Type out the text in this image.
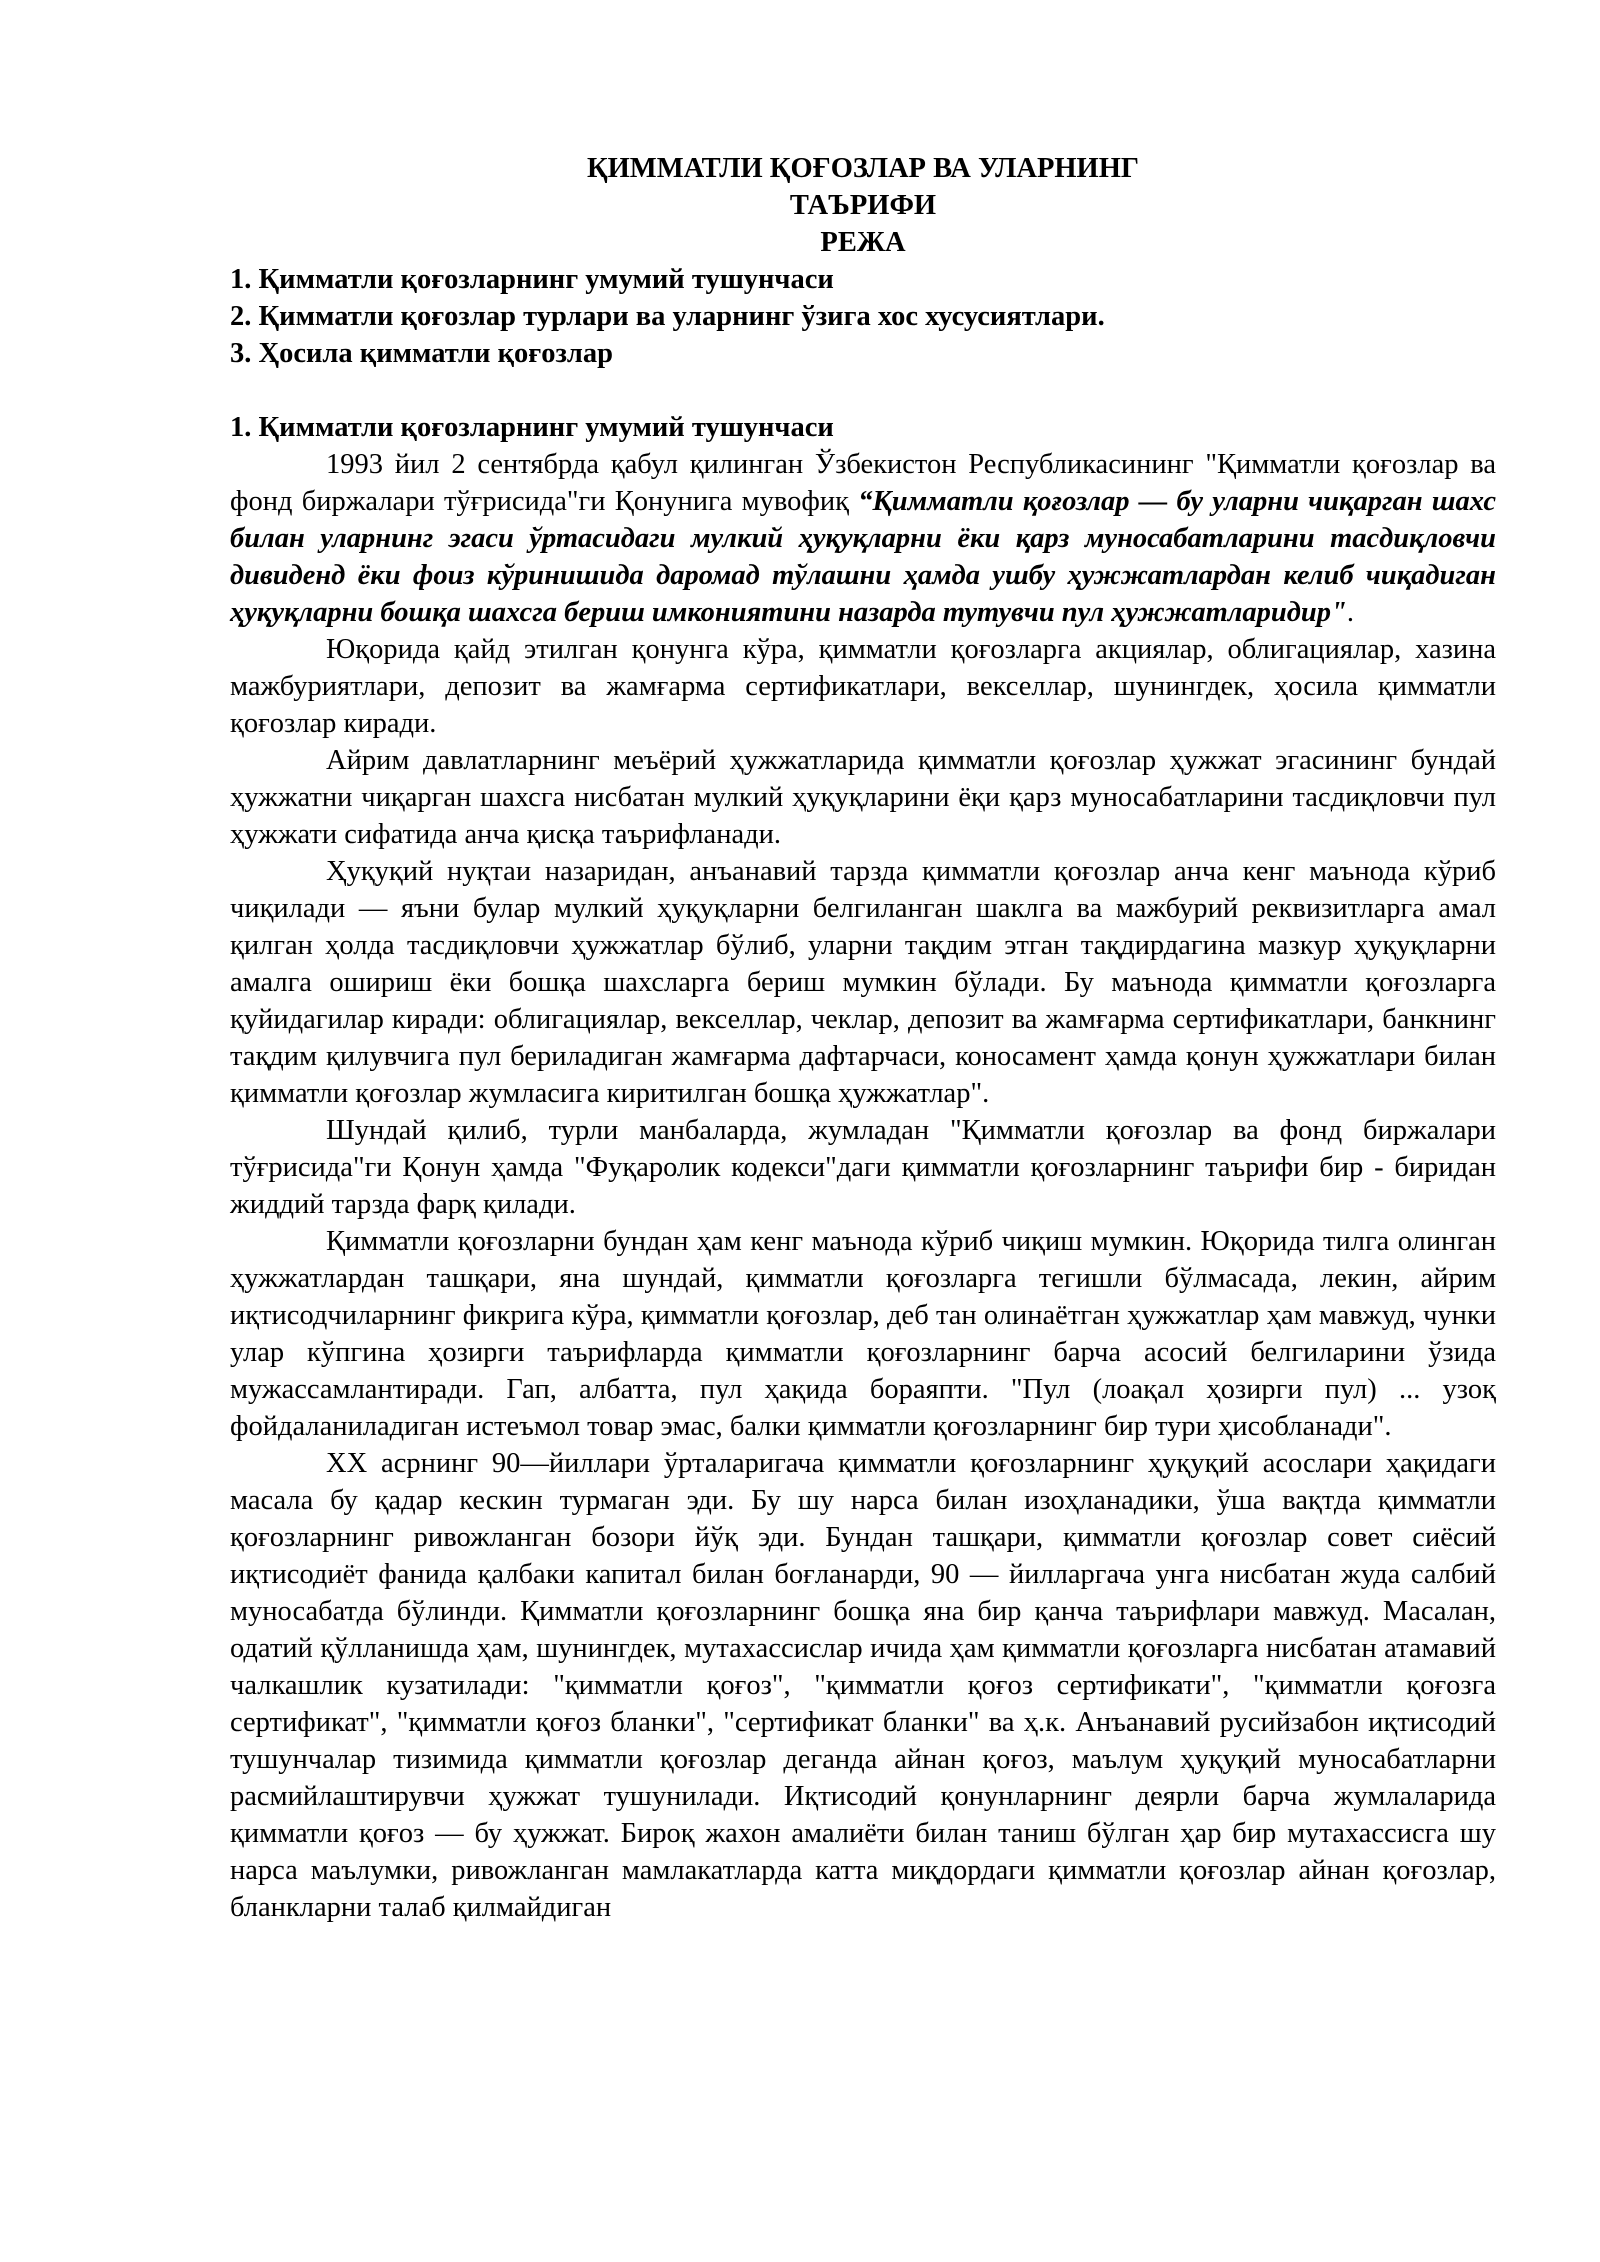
ҚИММАТЛИ ҚОҒОЗЛАР ВА УЛАРНИНГ

ТАЪРИФИ

РЕЖА

1. Қимматли қоғозларнинг умумий тушунчаси

2. Қимматли қоғозлар турлари ва уларнинг ўзига хос хусусиятлари.

3. Ҳосила қимматли қоғозлар

1. Қимматли қоғозларнинг умумий тушунчаси

1993 йил 2 сентябрда қабул қилинган Ўзбекистон Республикасининг "Қимматли қоғозлар ва фонд биржалари тўғрисида"ги Қонунига мувофиқ “Қимматли қоғозлар — бу уларни чиқарган шахс билан уларнинг эгаси ўртасидаги мулкий ҳуқуқларни ёки қарз муносабатларини тасдиқловчи дивиденд ёки фоиз кўринишида даромад тўлашни ҳамда ушбу ҳужжатлардан келиб чиқадиган ҳуқуқларни бошқа шахсга бериш имкониятини назарда тутувчи пул ҳужжатларидир".

Юқорида қайд этилган қонунга кўра, қимматли қоғозларга акциялар, облигациялар, хазина мажбуриятлари, депозит ва жамғарма сертификатлари, векселлар, шунингдек, ҳосила қимматли қоғозлар киради.

Айрим давлатларнинг меъёрий ҳужжатларида қимматли қоғозлар ҳужжат эгасининг бундай ҳужжатни чиқарган шахсга нисбатан мулкий ҳуқуқларини ёқи қарз муносабатларини тасдиқловчи пул ҳужжати сифатида анча қисқа таърифланади.

Ҳуқуқий нуқтаи назаридан, анъанавий тарзда қимматли қоғозлар анча кенг маънода кўриб чиқилади — яъни булар мулкий ҳуқуқларни белгиланган шаклга ва мажбурий реквизитларга амал қилган ҳолда тасдиқловчи ҳужжатлар бўлиб, уларни тақдим этган тақдирдагина мазкур ҳуқуқларни амалга ошириш ёки бошқа шахсларга бериш мумкин бўлади. Бу маънода қимматли қоғозларга қуйидагилар киради: облигациялар, векселлар, чеклар, депозит ва жамғарма сертификатлари, банкнинг тақдим қилувчига пул бериладиган жамғарма дафтарчаси, коносамент ҳамда қонун ҳужжатлари билан қимматли қоғозлар жумласига киритилган бошқа ҳужжатлар".

Шундай қилиб, турли манбаларда, жумладан "Қимматли қоғозлар ва фонд биржалари тўғрисида"ги Қонун ҳамда "Фуқаролик кодекси"даги қимматли қоғозларнинг таърифи бир - биридан жиддий тарзда фарқ қилади.

Қимматли қоғозларни бундан ҳам кенг маънода кўриб чиқиш мумкин. Юқорида тилга олинган ҳужжатлардан ташқари, яна шундай, қимматли қоғозларга тегишли бўлмасада, лекин, айрим иқтисодчиларнинг фикрига кўра, қимматли қоғозлар, деб тан олинаётган ҳужжатлар ҳам мавжуд, чунки улар кўпгина ҳозирги таърифларда қимматли қоғозларнинг барча асосий белгиларини ўзида мужассамлантиради. Гап, албатта, пул ҳақида бораяпти. "Пул (лоақал ҳозирги пул) ... узоқ фойдаланиладиган истеъмол товар эмас, балки қимматли қоғозларнинг бир тури ҳисобланади".

XX асрнинг 90—йиллари ўрталаригача қимматли қоғозларнинг ҳуқуқий асослари ҳақидаги масала бу қадар кескин турмаган эди. Бу шу нарса билан изоҳланадики, ўша вақтда қимматли қоғозларнинг ривожланган бозори йўқ эди. Бундан ташқари, қимматли қоғозлар совет сиёсий иқтисодиёт фанида қалбаки капитал билан боғланарди, 90 — йилларгача унга нисбатан жуда салбий муносабатда бўлинди. Қимматли қоғозларнинг бошқа яна бир қанча таърифлари мавжуд. Масалан, одатий қўлланишда ҳам, шунингдек, мутахассислар ичида ҳам қимматли қоғозларга нисбатан атамавий чалкашлик кузатилади: "қимматли қоғоз", "қимматли қоғоз сертификати", "қимматли қоғозга сертификат", "қимматли қоғоз бланки", "сертификат бланки" ва ҳ.к. Анъанавий русийзабон иқтисодий тушунчалар тизимида қимматли қоғозлар деганда айнан қоғоз, маълум ҳуқуқий муносабатларни расмийлаштирувчи ҳужжат тушунилади. Иқтисодий қонунларнинг деярли барча жумлаларида қимматли қоғоз — бу ҳужжат. Бироқ жахон амалиёти билан таниш бўлган ҳар бир мутахассисга шу нарса маълумки, ривожланган мамлакатларда катта миқдордаги қимматли қоғозлар айнан қоғозлар, бланкларни талаб қилмайдиган
